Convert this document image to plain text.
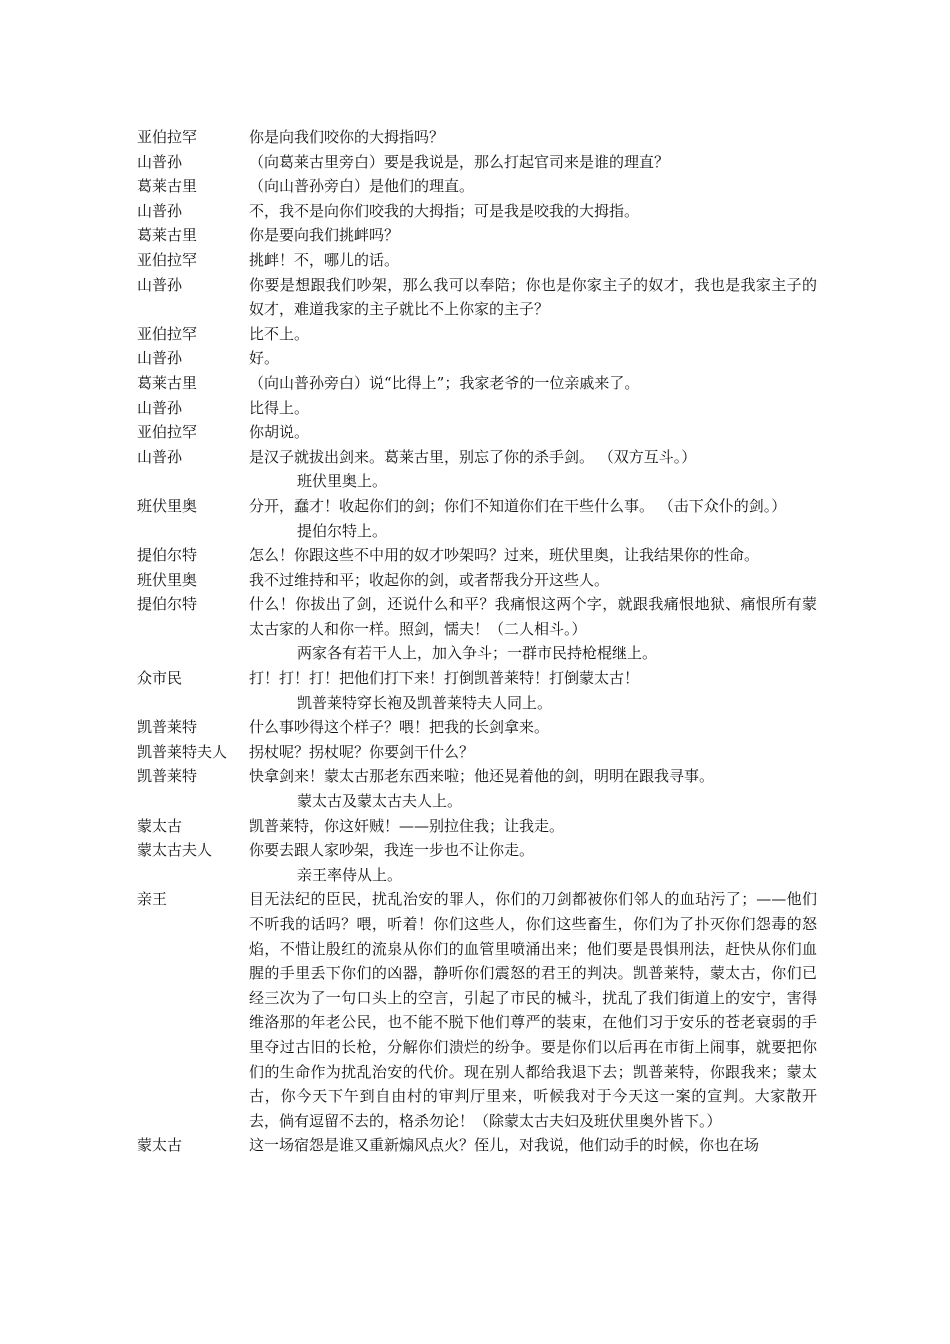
亚伯拉罕	你是向我们咬你的大拇指吗？
山普孙	（向葛莱古里旁白）要是我说是，那么打起官司来是谁的理直？
葛莱古里	（向山普孙旁白）是他们的理直。
山普孙	不，我不是向你们咬我的大拇指；可是我是咬我的大拇指。
葛莱古里	你是要向我们挑衅吗？
亚伯拉罕	挑衅！不，哪儿的话。
山普孙	你要是想跟我们吵架，那么我可以奉陪；你也是你家主子的奴才，我也是我家主子的奴才，难道我家的主子就比不上你家的主子？
亚伯拉罕	比不上。
山普孙	好。
葛莱古里	（向山普孙旁白）说“比得上”；我家老爷的一位亲戚来了。
山普孙	比得上。
亚伯拉罕	你胡说。
山普孙	是汉子就拔出剑来。葛莱古里，别忘了你的杀手剑。 （双方互斗。）
班伏里奥上。
班伏里奥	分开，蠢才！收起你们的剑；你们不知道你们在干些什么事。 （击下众仆的剑。）
提伯尔特上。
提伯尔特	怎么！你跟这些不中用的奴才吵架吗？过来，班伏里奥，让我结果你的性命。
班伏里奥	我不过维持和平；收起你的剑，或者帮我分开这些人。
提伯尔特	什么！你拔出了剑，还说什么和平？我痛恨这两个字，就跟我痛恨地狱、痛恨所有蒙太古家的人和你一样。照剑，懦夫！（二人相斗。）
两家各有若干人上，加入争斗；一群市民持枪棍继上。
众市民	打！打！打！把他们打下来！打倒凯普莱特！打倒蒙太古！
凯普莱特穿长袍及凯普莱特夫人同上。
凯普莱特	什么事吵得这个样子？喂！把我的长剑拿来。
凯普莱特夫人	拐杖呢？拐杖呢？你要剑干什么？
凯普莱特	快拿剑来！蒙太古那老东西来啦；他还晃着他的剑，明明在跟我寻事。
蒙太古及蒙太古夫人上。
蒙太古	凯普莱特，你这奸贼！——别拉住我；让我走。
蒙太古夫人	你要去跟人家吵架，我连一步也不让你走。
亲王率侍从上。
亲王	目无法纪的臣民，扰乱治安的罪人，你们的刀剑都被你们邻人的血玷污了；——他们不听我的话吗？喂，听着！你们这些人，你们这些畜生，你们为了扑灭你们怨毒的怒焰，不惜让殷红的流泉从你们的血管里喷涌出来；他们要是畏惧刑法，赶快从你们血腥的手里丢下你们的凶器，静听你们震怒的君王的判决。凯普莱特，蒙太古，你们已经三次为了一句口头上的空言，引起了市民的械斗，扰乱了我们街道上的安宁，害得维洛那的年老公民，也不能不脱下他们尊严的装束，在他们习于安乐的苍老衰弱的手里夺过古旧的长枪，分解你们溃烂的纷争。要是你们以后再在市街上闹事，就要把你们的生命作为扰乱治安的代价。现在别人都给我退下去；凯普莱特，你跟我来；蒙太古，你今天下午到自由村的审判厅里来，听候我对于今天这一案的宣判。大家散开去，倘有逗留不去的，格杀勿论！（除蒙太古夫妇及班伏里奥外皆下。）
蒙太古	这一场宿怨是谁又重新煽风点火？侄儿，对我说，他们动手的时候，你也在场
